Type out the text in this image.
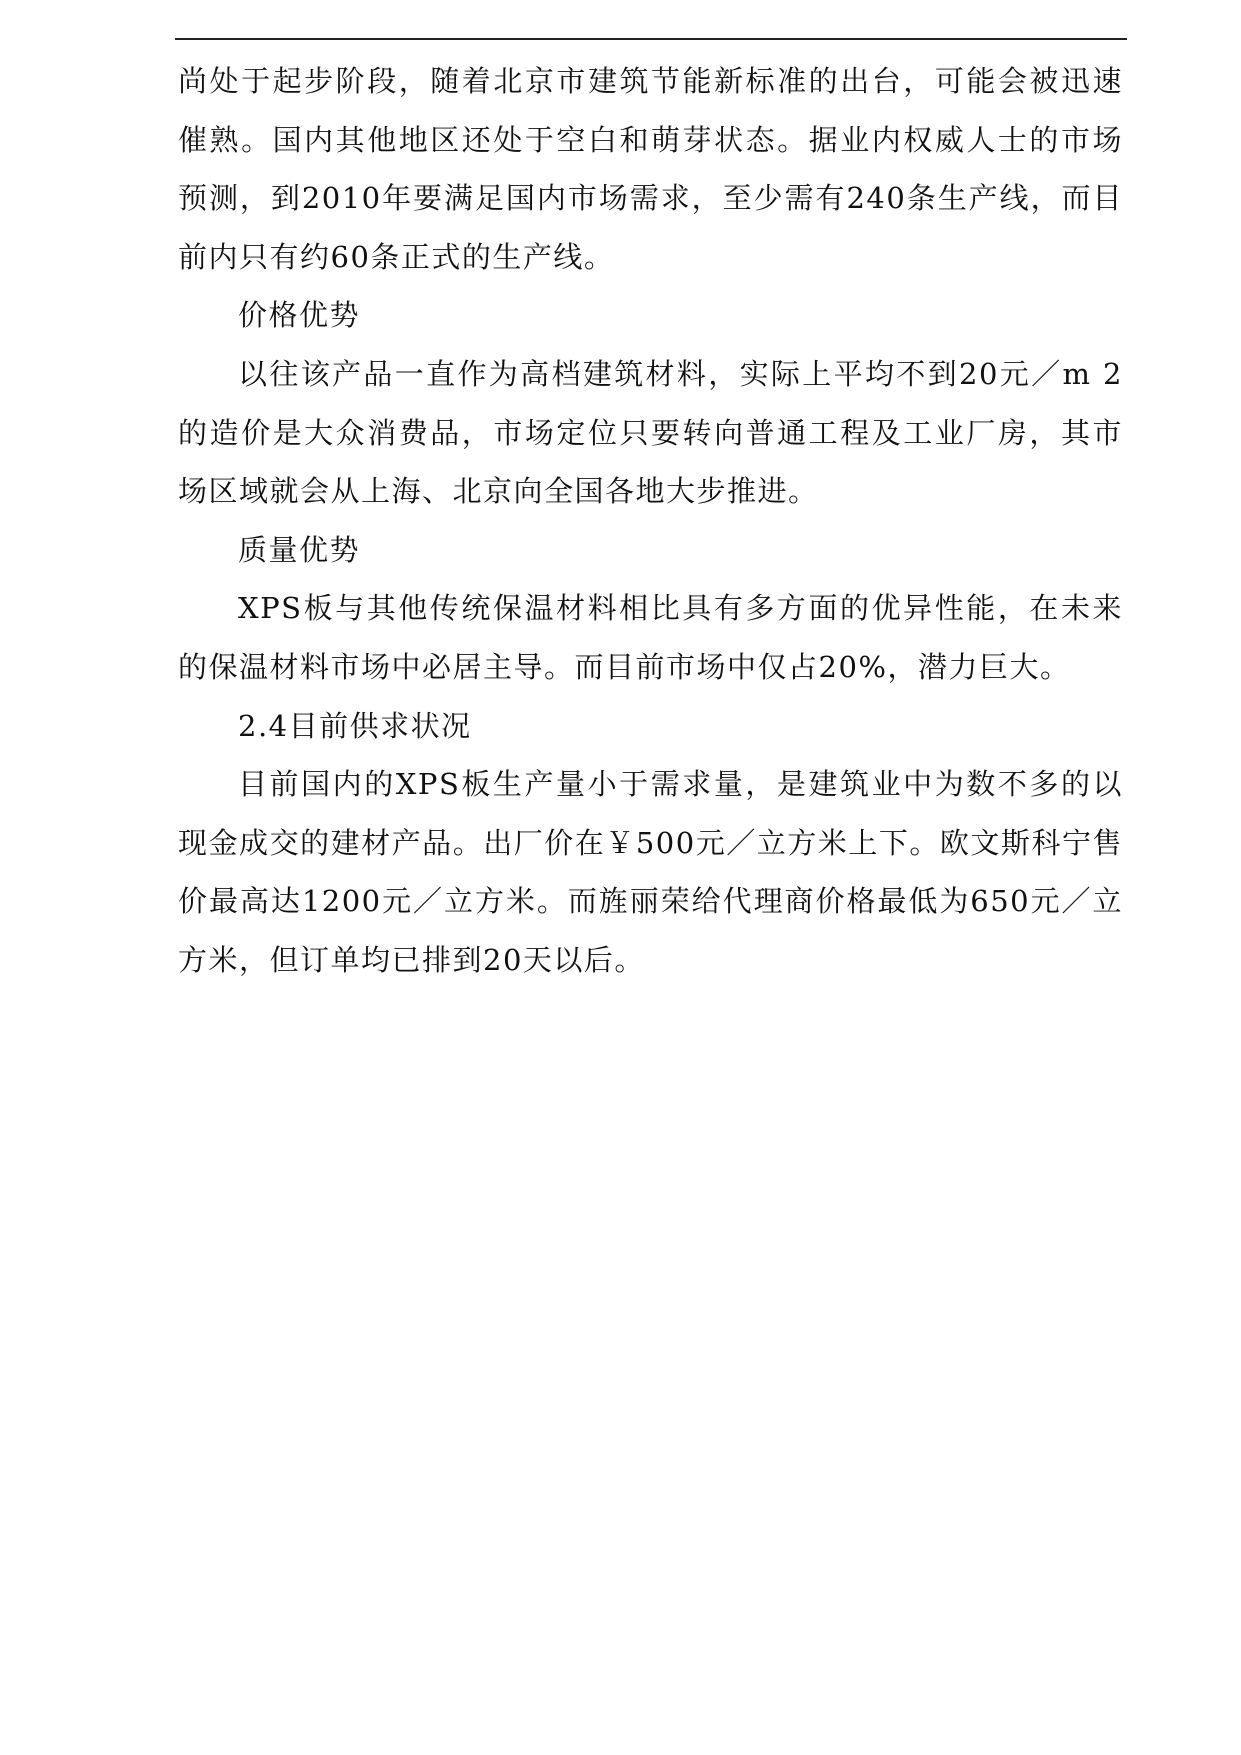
尚处于起步阶段，随着北京市建筑节能新标准的出台，可能会被迅速催熟。国内其他地区还处于空白和萌芽状态。据业内权威人士的市场预测，到2010年要满足国内市场需求，至少需有240条生产线，而目前内只有约60条正式的生产线。

价格优势

以往该产品一直作为高档建筑材料，实际上平均不到20元／m 2的造价是大众消费品，市场定位只要转向普通工程及工业厂房，其市场区域就会从上海、北京向全国各地大步推进。

质量优势

XPS板与其他传统保温材料相比具有多方面的优异性能，在未来的保温材料市场中必居主导。而目前市场中仅占20%，潜力巨大。

2.4目前供求状况

目前国内的XPS板生产量小于需求量，是建筑业中为数不多的以现金成交的建材产品。出厂价在￥500元／立方米上下。欧文斯科宁售价最高达1200元／立方米。而旌丽荣给代理商价格最低为650元／立方米，但订单均已排到20天以后。
